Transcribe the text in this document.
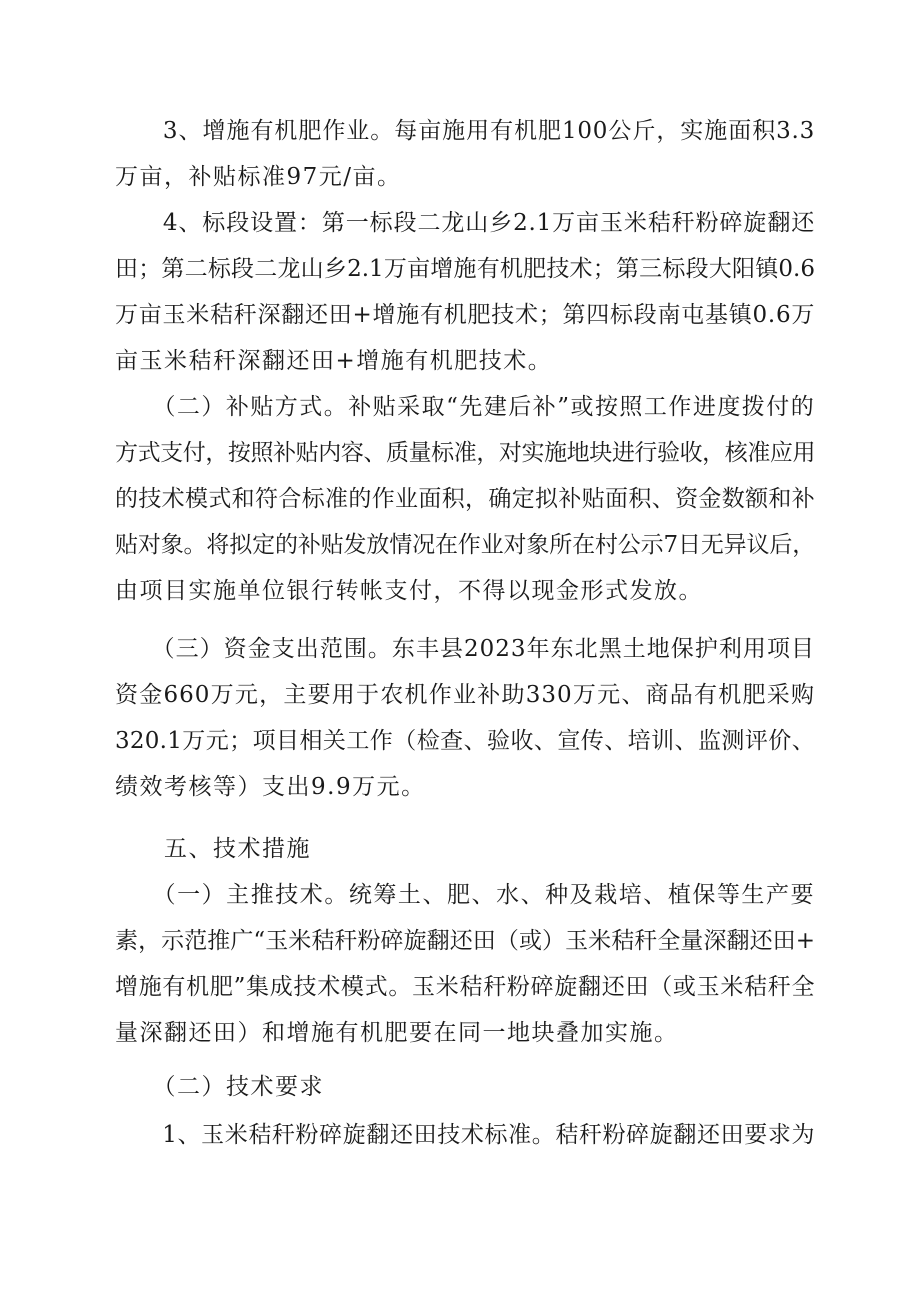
　　3、增施有机肥作业。每亩施用有机肥100公斤，实施面积3.3
万亩，补贴标准97元/亩。
　　4、标段设置：第一标段二龙山乡2.1万亩玉米秸秆粉碎旋翻还
田；第二标段二龙山乡2.1万亩增施有机肥技术；第三标段大阳镇0.6
万亩玉米秸秆深翻还田+增施有机肥技术；第四标段南屯基镇0.6万
亩玉米秸秆深翻还田+增施有机肥技术。
　　（二）补贴方式。补贴采取“先建后补”或按照工作进度拨付的
方式支付，按照补贴内容、质量标准，对实施地块进行验收，核准应用
的技术模式和符合标准的作业面积，确定拟补贴面积、资金数额和补
贴对象。将拟定的补贴发放情况在作业对象所在村公示7日无异议后，
由项目实施单位银行转帐支付，不得以现金形式发放。
　　（三）资金支出范围。东丰县2023年东北黑土地保护利用项目
资金660万元，主要用于农机作业补助330万元、商品有机肥采购
320.1万元；项目相关工作（检查、验收、宣传、培训、监测评价、
绩效考核等）支出9.9万元。
　　五、技术措施
　　（一）主推技术。统筹土、肥、水、种及栽培、植保等生产要
素，示范推广“玉米秸秆粉碎旋翻还田（或）玉米秸秆全量深翻还田+
增施有机肥”集成技术模式。玉米秸秆粉碎旋翻还田（或玉米秸秆全
量深翻还田）和增施有机肥要在同一地块叠加实施。
　　（二）技术要求
　　1、玉米秸秆粉碎旋翻还田技术标准。秸秆粉碎旋翻还田要求为
